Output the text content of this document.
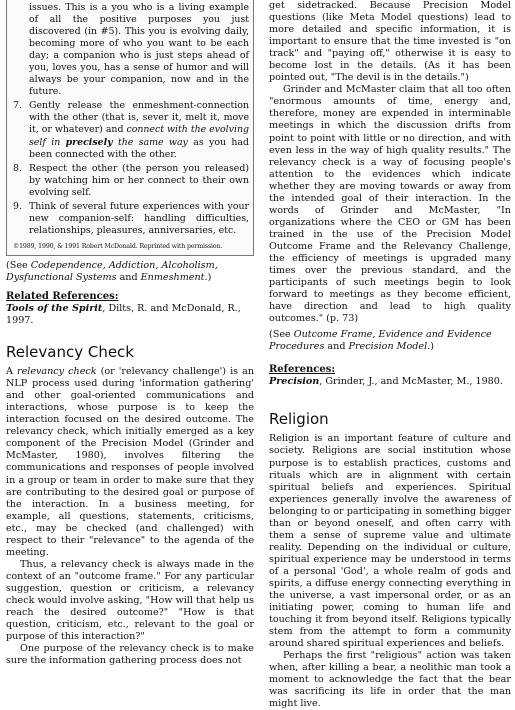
issues. This is a you who is a living example of all the positive purposes you just discovered (in #5). This you is evolving daily, becoming more of who you want to be each day; a companion who is just steps ahead of you, loves you, has a sense of humor and will always be your companion, now and in the future.

7. Gently release the enmeshment-connection with the other (that is, sever it, melt it, move it, or whatever) and connect with the evolving self in precisely the same way as you had been connected with the other.
8. Respect the other (the person you released) by watching him or her connect to their own evolving self.
9. Think of several future experiences with your new companion-self: handling difficulties, relationships, pleasures, anniversaries, etc.

©1989, 1990, & 1991 Robert McDonald. Reprinted with permission.

(See Codependence, Addiction, Alcoholism, Dysfunctional Systems and Enmeshment.)

Related References:

Tools of the Spirit, Dilts, R. and McDonald, R., 1997.

Relevancy Check

A relevancy check (or 'relevancy challenge') is an NLP process used during 'information gathering' and other goal-oriented communications and interactions, whose purpose is to keep the interaction focused on the desired outcome. The relevancy check, which initially emerged as a key component of the Precision Model (Grinder and McMaster, 1980), involves filtering the communications and responses of people involved in a group or team in order to make sure that they are contributing to the desired goal or purpose of the interaction. In a business meeting, for example, all questions, statements, criticisms, etc., may be checked (and challenged) with respect to their "relevance" to the agenda of the meeting.

Thus, a relevancy check is always made in the context of an "outcome frame." For any particular suggestion, question or criticism, a relevancy check would involve asking, "How will that help us reach the desired outcome?" "How is that question, criticism, etc., relevant to the goal or purpose of this interaction?"

One purpose of the relevancy check is to make sure the information gathering process does not

get sidetracked. Because Precision Model questions (like Meta Model questions) lead to more detailed and specific information, it is important to ensure that the time invested is "on track" and "paying off," otherwise it is easy to become lost in the details. (As it has been pointed out, "The devil is in the details.")

Grinder and McMaster claim that all too often "enormous amounts of time, energy and, therefore, money are expended in interminable meetings in which the discussion drifts from point to point with little or no direction, and with even less in the way of high quality results." The relevancy check is a way of focusing people's attention to the evidences which indicate whether they are moving towards or away from the intended goal of their interaction. In the words of Grinder and McMaster, "In organizations where the CEO or GM has been trained in the use of the Precision Model Outcome Frame and the Relevancy Challenge, the efficiency of meetings is upgraded many times over the previous standard, and the participants of such meetings begin to look forward to meetings as they become efficient, have direction and lead to high quality outcomes." (p. 73)

(See Outcome Frame, Evidence and Evidence Procedures and Precision Model.)

References:

Precision, Grinder, J., and McMaster, M., 1980.

Religion

Religion is an important feature of culture and society. Religions are social institution whose purpose is to establish practices, customs and rituals which are in alignment with certain spiritual beliefs and experiences. Spiritual experiences generally involve the awareness of belonging to or participating in something bigger than or beyond oneself, and often carry with them a sense of supreme value and ultimate reality. Depending on the individual or culture, spiritual experience may be understood in terms of a personal 'God', a whole realm of gods and spirits, a diffuse energy connecting everything in the universe, a vast impersonal order, or as an initiating power, coming to human life and touching it from beyond itself. Religions typically stem from the attempt to form a community around shared spiritual experiences and beliefs.

Perhaps the first "religious" action was taken when, after killing a bear, a neolithic man took a moment to acknowledge the fact that the bear was sacrificing its life in order that the man might live.
